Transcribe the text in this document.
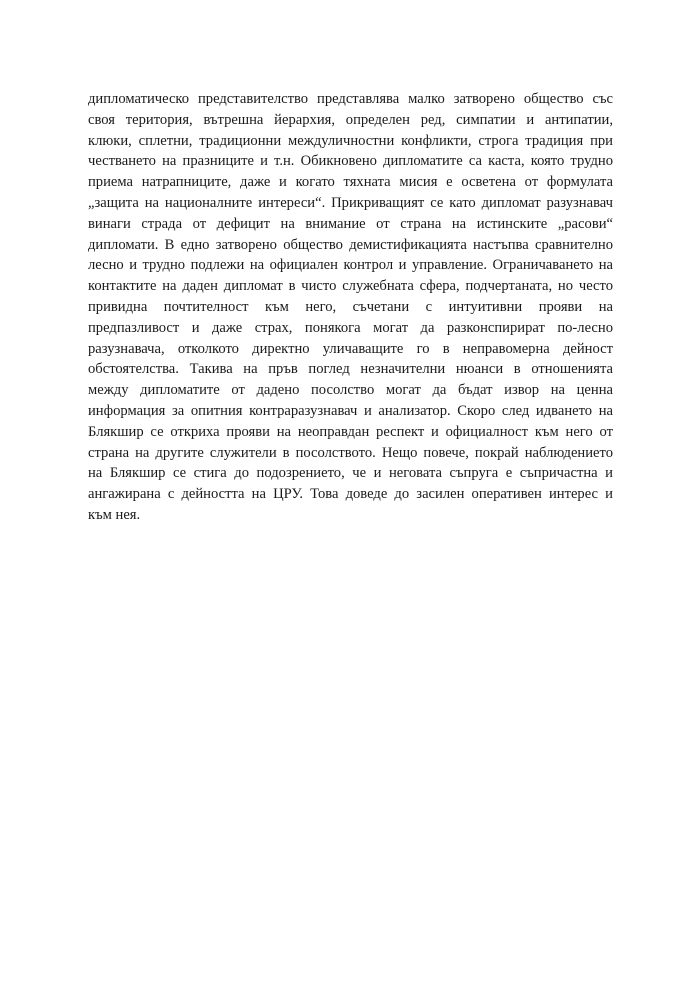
дипломатическо представителство представлява малко затворено общество със
своя територия, вътрешна йерархия, определен ред, симпатии и антипатии,
клюки, сплетни, традиционни междуличностни конфликти, строга традиция при
честването на празниците и т.н. Обикновено дипломатите са каста, която трудно
приема натрапниците, даже и когато тяхната мисия е осветена от формулата
„защита на националните интереси“. Прикриващият се като дипломат разузнавач
винаги страда от дефицит на внимание от страна на истинските „расови“
дипломати. В едно затворено общество демистификацията настъпва сравнително
лесно и трудно подлежи на официален контрол и управление. Ограничаването на
контактите на даден дипломат в чисто служебната сфера, подчертаната, но често
привидна почтителност към него, съчетани с интуитивни прояви на
предпазливост и даже страх, понякога могат да разконспирират по-лесно
разузнавача, отколкото директно уличаващите го в неправомерна дейност
обстоятелства. Такива на пръв поглед незначителни нюанси в отношенията
между дипломатите от дадено посолство могат да бъдат извор на ценна
информация за опитния контраразузнавач и анализатор. Скоро след идването на
Блякшир се откриха прояви на неоправдан респект и официалност към него от
страна на другите служители в посолството. Нещо повече, покрай наблюдението
на Блякшир се стига до подозрението, че и неговата съпруга е съпричастна и
ангажирана с дейността на ЦРУ. Това доведе до засилен оперативен интерес и
към нея.
